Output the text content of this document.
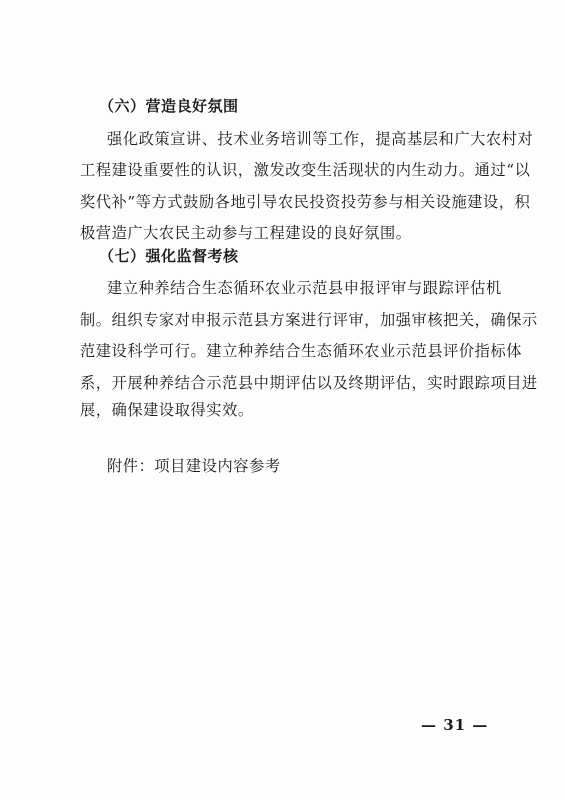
（六）营造良好氛围
强化政策宣讲、技术业务培训等工作，提高基层和广大农村对
工程建设重要性的认识，激发改变生活现状的内生动力。通过“以
奖代补”等方式鼓励各地引导农民投资投劳参与相关设施建设，积
极营造广大农民主动参与工程建设的良好氛围。
（七）强化监督考核
建立种养结合生态循环农业示范县申报评审与跟踪评估机
制。组织专家对申报示范县方案进行评审，加强审核把关，确保示
范建设科学可行。建立种养结合生态循环农业示范县评价指标体
系，开展种养结合示范县中期评估以及终期评估，实时跟踪项目进
展，确保建设取得实效。
附件：项目建设内容参考
— 31 —
